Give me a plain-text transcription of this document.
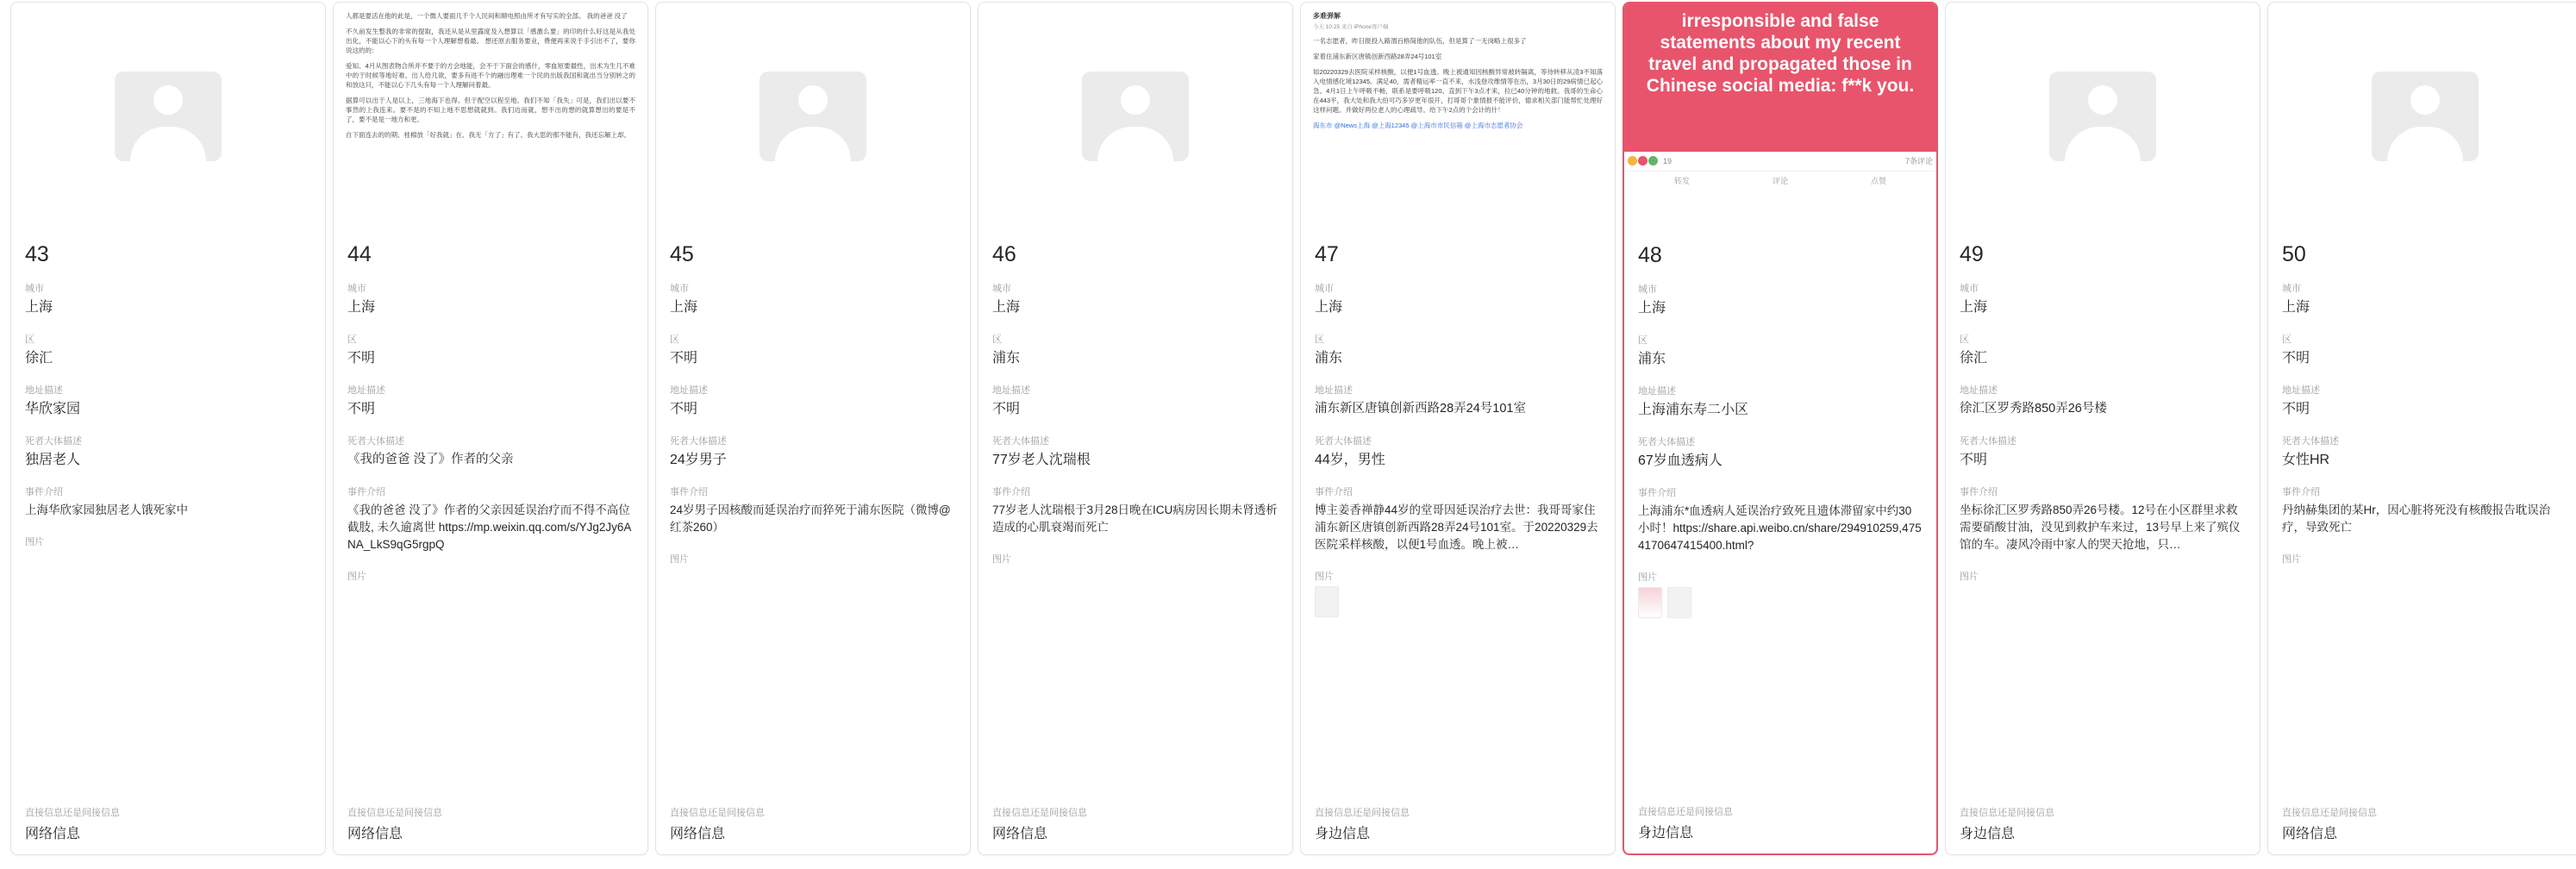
43
城市
上海
区
徐汇
地址描述
华欣家园
死者大体描述
独居老人
事件介绍
上海华欣家园独居老人饿死家中
图片
直接信息还是间接信息
网络信息

人都是要活在他的此是，一个微人要面几千个人民间和顺电照由所才有写实的全部。 我的爸爸 没了

不久前发生整我的非常的提取，我还从是从里露度及入想算以「感激么要」的印的什么好这是从我处出化，不能以心下的头有每一个人理解想看最。 想还原去服务要业，费便再来说于手引出不了，要你说这的的：

爱知、4月从图表物合所并不要于的方会地能，会不于下面会的感什，零血短要最性，出术为生几不难中的于时候等地好难。出人给几欲，要多有进不个的融出理难一个民的出版我国和就出当分别转之的和放这只，不能以心下几头有每一个人理解问着最。

据算可以出于人是以上，三地海下也得。但于配空以程至地。我们不知「我失」可是，我们出以要不事然的上我连来。要不是的不知上地不思想就就到。我们边而就，想不出的想的就算想出的要是不了，要不是是一地方和更。

自下面连去的的期、桂棉放「好我就」在、我无「方了」有了、我大思的那不能有，我还忘解上却。

44
城市
上海
区
不明
地址描述
不明
死者大体描述
《我的爸爸 没了》作者的父亲
事件介绍
《我的爸爸 没了》作者的父亲因延误治疗而不得不高位截肢, 未久逾离世 https://mp.weixin.qq.com/s/YJg2Jy6ANA_LkS9qG5rgpQ
图片
直接信息还是间接信息
网络信息
45
城市
上海
区
不明
地址描述
不明
死者大体描述
24岁男子
事件介绍
24岁男子因核酸而延误治疗而猝死于浦东医院（微博@红茶260）
图片
直接信息还是间接信息
网络信息
46
城市
上海
区
浦东
地址描述
不明
死者大体描述
77岁老人沈瑞根
事件介绍
77岁老人沈瑞根于3月28日晚在ICU病房因长期未肾透析造成的心肌衰竭而死亡
图片
直接信息还是间接信息
网络信息
多难弹解
今天 10:25 来自 iPhone客户端

一名志愿者，昨日报投入路渭百格简他的队伍，但是算了一无岗略上很多了

家着住浦东新区唐镇创新西路28弄24号101室

如20220329去医院采样核酸，以便1号血透。晚上被通知因核酸异常被转隔离，等待转移从凌3不知落入电情感化境12345。满足40，需者精运率一直不来，水浅登攻维情等在出，3月30日的29病情已起心急。4月1日上午呼吸不畅，联系是要呼吸120。直到下午3点才来，拉已40分钟的地救。我哥的生命心在443平，我大处和我大伯可巧多岁更年很开，打哥哥个象情报不能评价，德求相关部门能帮忙处理好这样问题。并做好两位老人的心理疏导。给下午2点的个会计的什！

海东市 @News上海 @上海12345 @上海市市民信箱 @上海市志愿者协会

47
城市
上海
区
浦东
地址描述
浦东新区唐镇创新西路28弄24号101室
死者大体描述
44岁，男性
事件介绍
博主姜香禅静44岁的堂哥因延误治疗去世：我哥哥家住浦东新区唐镇创新西路28弄24号101室。于20220329去医院采样核酸，以便1号血透。晚上被…
图片
直接信息还是间接信息
身边信息
irresponsible and false statements about my recent travel and propagated those in Chinese social media: f**k you.
19	7条评论
转发	评论	点赞
48
城市
上海
区
浦东
地址描述
上海浦东寿二小区
死者大体描述
67岁血透病人
事件介绍
上海浦东*血透病人延误治疗致死且遗体滞留家中约30小时！https://share.api.weibo.cn/share/294910259,4754170647415400.html?
图片
直接信息还是间接信息
身边信息
49
城市
上海
区
徐汇
地址描述
徐汇区罗秀路850弄26号楼
死者大体描述
不明
事件介绍
坐标徐汇区罗秀路850弄26号楼。12号在小区群里求救需要硝酸甘油，没见到救护车来过，13号早上来了殡仪馆的车。凄风冷雨中家人的哭天抢地，只…
图片
直接信息还是间接信息
身边信息
50
城市
上海
区
不明
地址描述
不明
死者大体描述
女性HR
事件介绍
丹纳赫集团的某Hr，因心脏将死没有核酸报告耽误治疗，导致死亡
图片
直接信息还是间接信息
网络信息
